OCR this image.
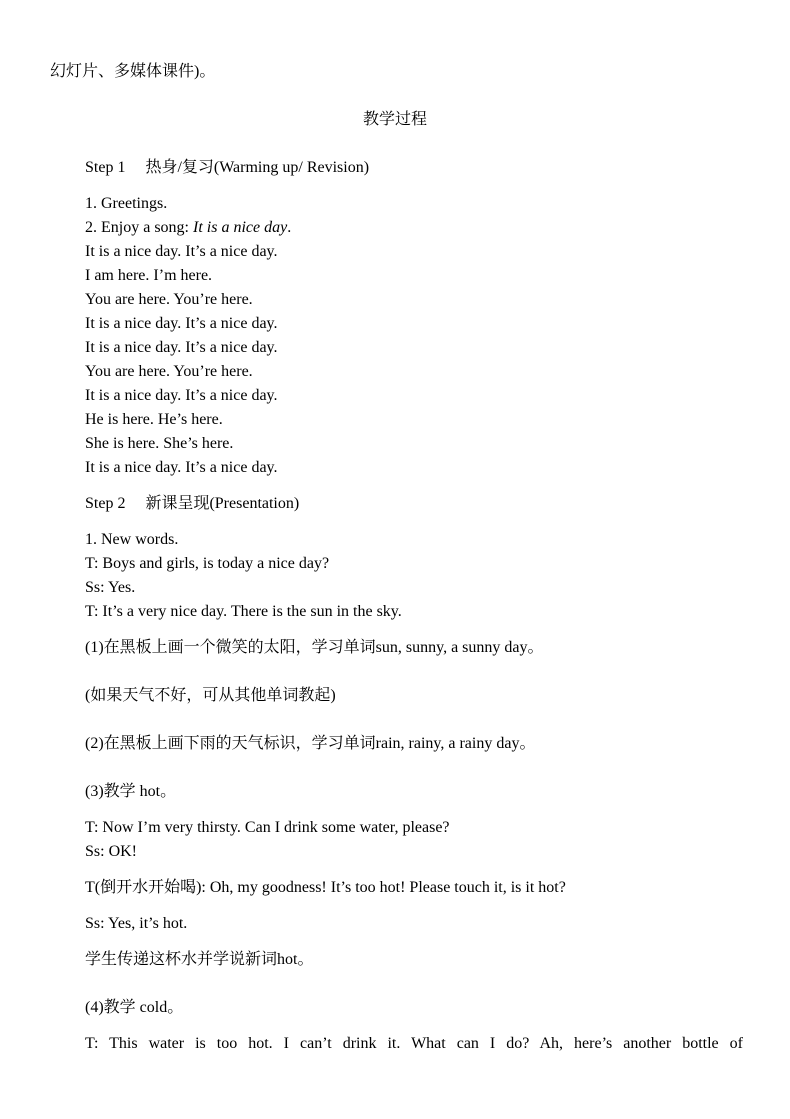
幻灯片、多媒体课件)。
教学过程
Step 1 热身/复习(Warming up/ Revision)
1. Greetings.
2. Enjoy a song: It is a nice day.
It is a nice day. It’s a nice day.
I am here. I’m here.
You are here. You’re here.
It is a nice day. It’s a nice day.
It is a nice day. It’s a nice day.
You are here. You’re here.
It is a nice day. It’s a nice day.
He is here. He’s here.
She is here. She’s here.
It is a nice day. It’s a nice day.
Step 2 新课呈现(Presentation)
1. New words.
T: Boys and girls, is today a nice day?
Ss: Yes.
T: It’s a very nice day. There is the sun in the sky.
(1)在黑板上画一个微笑的太阳，学习单词sun, sunny, a sunny day。
(如果天气不好，可从其他单词教起)
(2)在黑板上画下雨的天气标识，学习单词rain, rainy, a rainy day。
(3)教学 hot。
T: Now I’m very thirsty. Can I drink some water, please?
Ss: OK!
T(倒开水开始喝): Oh, my goodness! It’s too hot! Please touch it, is it hot?
Ss: Yes, it’s hot.
学生传递这杯水并学说新词hot。
(4)教学 cold。
T: This water is too hot. I can’t drink it. What can I do? Ah, here’s another bottle of
